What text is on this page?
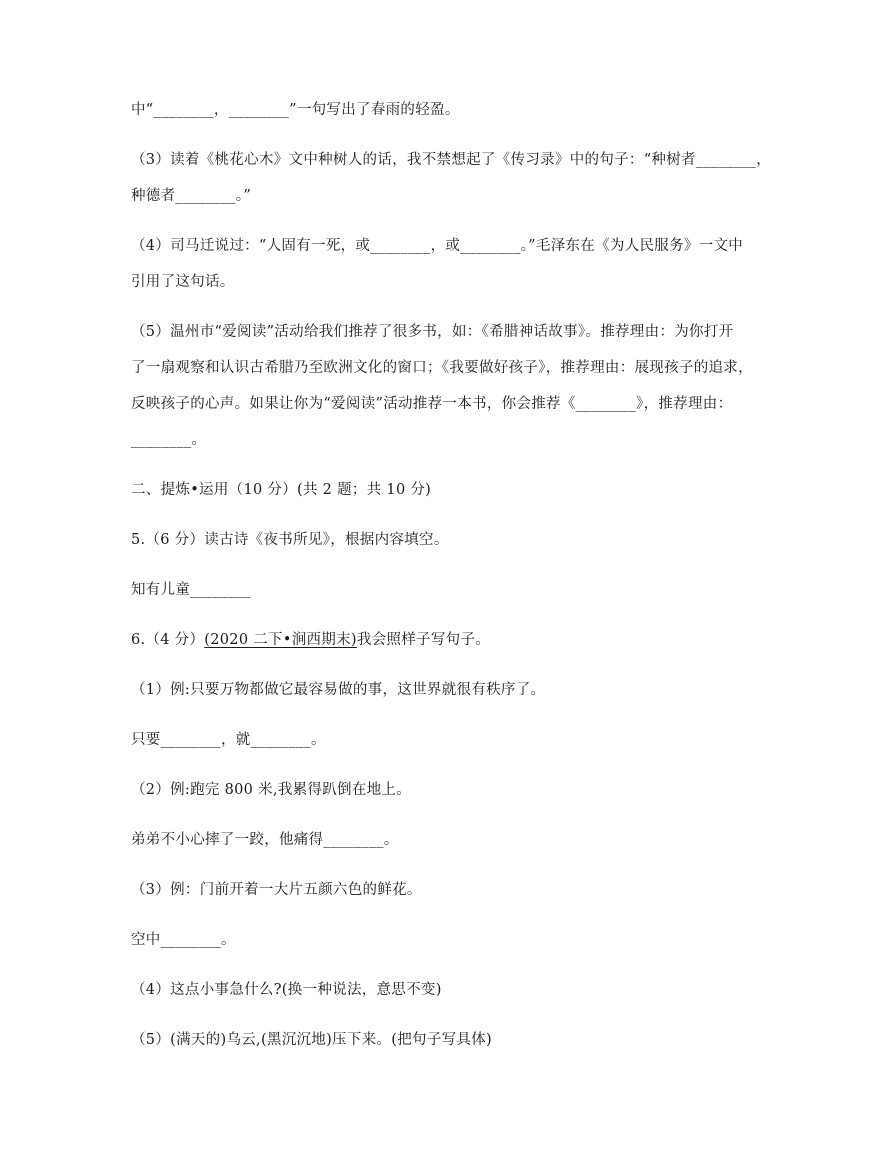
中“________，________”一句写出了春雨的轻盈。
（3）读着《桃花心木》文中种树人的话，我不禁想起了《传习录》中的句子：“种树者________，
种德者________。”
（4）司马迁说过：“人固有一死，或________，或________。”毛泽东在《为人民服务》一文中
引用了这句话。
（5）温州市“爱阅读”活动给我们推荐了很多书，如：《希腊神话故事》。推荐理由：为你打开
了一扇观察和认识古希腊乃至欧洲文化的窗口；《我要做好孩子》，推荐理由：展现孩子的追求，
反映孩子的心声。如果让你为“爱阅读”活动推荐一本书，你会推荐《________》，推荐理由：
________。
二、提炼•运用（10 分）(共 2 题；共 10 分)
5.（6 分）读古诗《夜书所见》，根据内容填空。
知有儿童________
6.（4 分）(2020 二下•涧西期末)我会照样子写句子。
（1）例:只要万物都做它最容易做的事，这世界就很有秩序了。
只要________，就________。
（2）例:跑完 800 米,我累得趴倒在地上。
弟弟不小心摔了一跤，他痛得________。
（3）例：门前开着一大片五颜六色的鲜花。
空中________。
（4）这点小事急什么?(换一种说法，意思不变)
（5）(满天的)乌云,(黑沉沉地)压下来。(把句子写具体)
